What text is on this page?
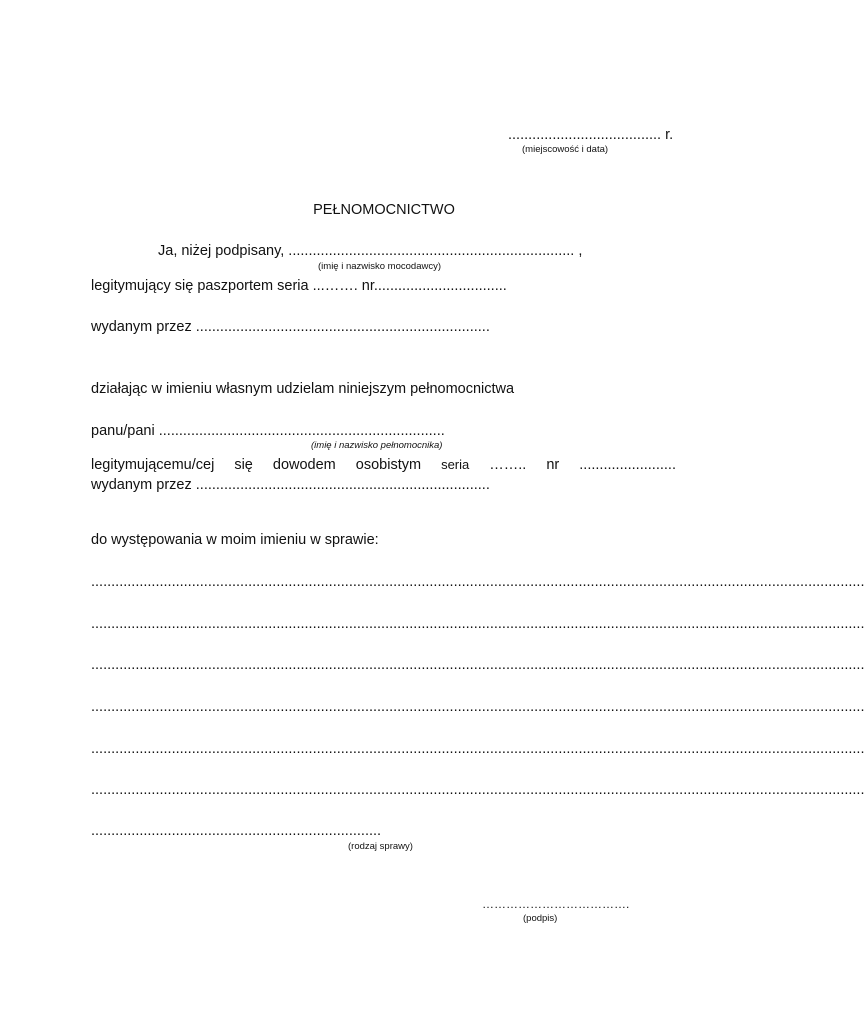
...................................... r.
(miejscowość i data)
PEŁNOMOCNICTWO
Ja, niżej podpisany, ....................................................................... ,
(imię i nazwisko mocodawcy)
legitymujący się paszportem seria ...……. nr.................................
wydanym przez .........................................................................
działając w imieniu własnym udzielam niniejszym pełnomocnictwa
panu/pani .......................................................................
(imię i nazwisko pełnomocnika)
legitymującemu/cej się dowodem osobistym seria …….. nr ........................
wydanym przez .........................................................................
do występowania w moim imieniu w sprawie:
................................................................................................................................................................................................
................................................................................................................................................................................................
................................................................................................................................................................................................
................................................................................................................................................................................................
................................................................................................................................................................................................
................................................................................................................................................................................................
........................................................................
(rodzaj sprawy)
……………………………….
(podpis)
